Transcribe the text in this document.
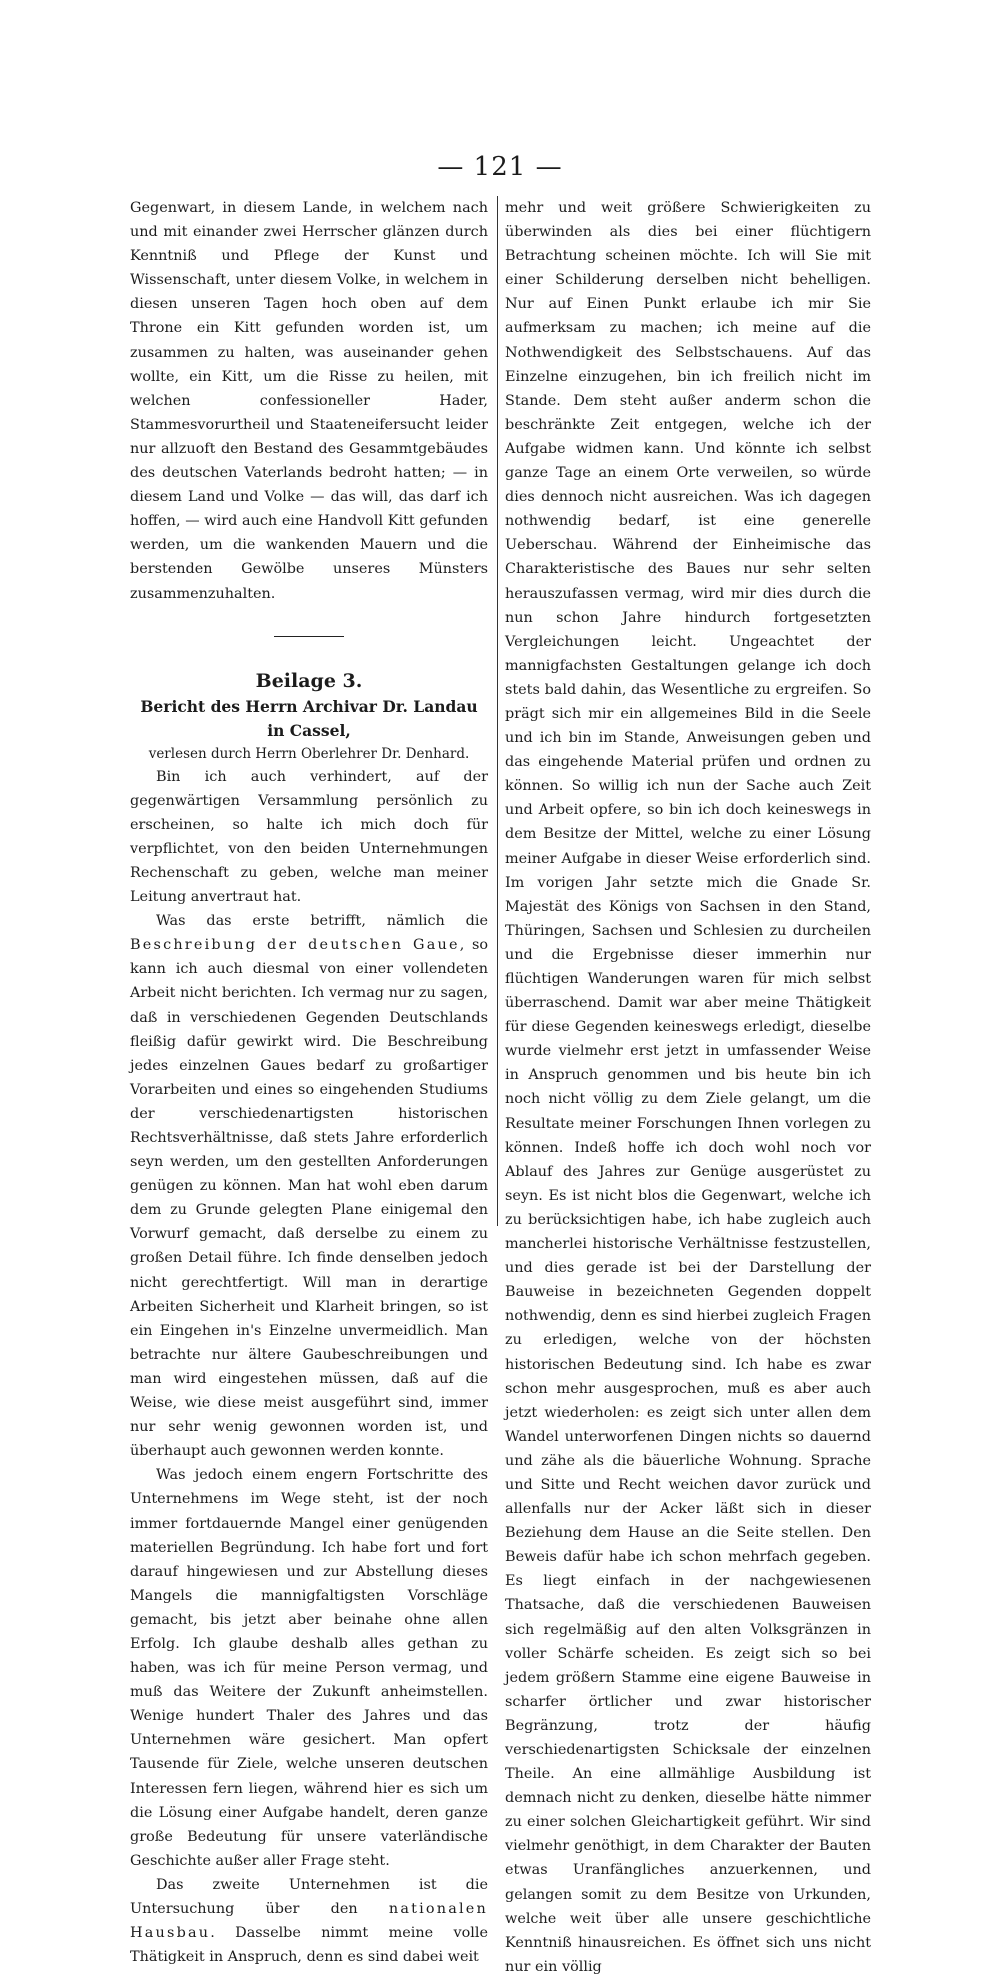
— 121 —

Gegenwart, in diesem Lande, in welchem nach und mit einander zwei Herrscher glänzen durch Kenntniß und Pflege der Kunst und Wissenschaft, unter diesem Volke, in welchem in diesen unseren Tagen hoch oben auf dem Throne ein Kitt gefunden worden ist, um zusammen zu halten, was auseinander gehen wollte, ein Kitt, um die Risse zu heilen, mit welchen confessioneller Hader, Stammesvorurtheil und Staateneifersucht leider nur allzuoft den Bestand des Gesammtgebäudes des deutschen Vaterlands bedroht hatten; — in diesem Land und Volke — das will, das darf ich hoffen, — wird auch eine Handvoll Kitt gefunden werden, um die wankenden Mauern und die berstenden Gewölbe unseres Münsters zusammenzuhalten.

Beilage 3.

Bericht des Herrn Archivar Dr. Landau in Cassel,

verlesen durch Herrn Oberlehrer Dr. Denhard.

Bin ich auch verhindert, auf der gegenwärtigen Versammlung persönlich zu erscheinen, so halte ich mich doch für verpflichtet, von den beiden Unternehmungen Rechenschaft zu geben, welche man meiner Leitung anvertraut hat.

Was das erste betrifft, nämlich die Beschreibung der deutschen Gaue, so kann ich auch diesmal von einer vollendeten Arbeit nicht berichten. Ich vermag nur zu sagen, daß in verschiedenen Gegenden Deutschlands fleißig dafür gewirkt wird. Die Beschreibung jedes einzelnen Gaues bedarf zu großartiger Vorarbeiten und eines so eingehenden Studiums der verschiedenartigsten historischen Rechtsverhältnisse, daß stets Jahre erforderlich seyn werden, um den gestellten Anforderungen genügen zu können. Man hat wohl eben darum dem zu Grunde gelegten Plane einigemal den Vorwurf gemacht, daß derselbe zu einem zu großen Detail führe. Ich finde denselben jedoch nicht gerechtfertigt. Will man in derartige Arbeiten Sicherheit und Klarheit bringen, so ist ein Eingehen in's Einzelne unvermeidlich. Man betrachte nur ältere Gaubeschreibungen und man wird eingestehen müssen, daß auf die Weise, wie diese meist ausgeführt sind, immer nur sehr wenig gewonnen worden ist, und überhaupt auch gewonnen werden konnte.

Was jedoch einem engern Fortschritte des Unternehmens im Wege steht, ist der noch immer fortdauernde Mangel einer genügenden materiellen Begründung. Ich habe fort und fort darauf hingewiesen und zur Abstellung dieses Mangels die mannigfaltigsten Vorschläge gemacht, bis jetzt aber beinahe ohne allen Erfolg. Ich glaube deshalb alles gethan zu haben, was ich für meine Person vermag, und muß das Weitere der Zukunft anheimstellen. Wenige hundert Thaler des Jahres und das Unternehmen wäre gesichert. Man opfert Tausende für Ziele, welche unseren deutschen Interessen fern liegen, während hier es sich um die Lösung einer Aufgabe handelt, deren ganze große Bedeutung für unsere vaterländische Geschichte außer aller Frage steht.

Das zweite Unternehmen ist die Untersuchung über den nationalen Hausbau. Dasselbe nimmt meine volle Thätigkeit in Anspruch, denn es sind dabei weit

mehr und weit größere Schwierigkeiten zu überwinden als dies bei einer flüchtigern Betrachtung scheinen möchte. Ich will Sie mit einer Schilderung derselben nicht behelligen. Nur auf Einen Punkt erlaube ich mir Sie aufmerksam zu machen; ich meine auf die Nothwendigkeit des Selbstschauens. Auf das Einzelne einzugehen, bin ich freilich nicht im Stande. Dem steht außer anderm schon die beschränkte Zeit entgegen, welche ich der Aufgabe widmen kann. Und könnte ich selbst ganze Tage an einem Orte verweilen, so würde dies dennoch nicht ausreichen. Was ich dagegen nothwendig bedarf, ist eine generelle Ueberschau. Während der Einheimische das Charakteristische des Baues nur sehr selten herauszufassen vermag, wird mir dies durch die nun schon Jahre hindurch fortgesetzten Vergleichungen leicht. Ungeachtet der mannigfachsten Gestaltungen gelange ich doch stets bald dahin, das Wesentliche zu ergreifen. So prägt sich mir ein allgemeines Bild in die Seele und ich bin im Stande, Anweisungen geben und das eingehende Material prüfen und ordnen zu können. So willig ich nun der Sache auch Zeit und Arbeit opfere, so bin ich doch keineswegs in dem Besitze der Mittel, welche zu einer Lösung meiner Aufgabe in dieser Weise erforderlich sind. Im vorigen Jahr setzte mich die Gnade Sr. Majestät des Königs von Sachsen in den Stand, Thüringen, Sachsen und Schlesien zu durcheilen und die Ergebnisse dieser immerhin nur flüchtigen Wanderungen waren für mich selbst überraschend. Damit war aber meine Thätigkeit für diese Gegenden keineswegs erledigt, dieselbe wurde vielmehr erst jetzt in umfassender Weise in Anspruch genommen und bis heute bin ich noch nicht völlig zu dem Ziele gelangt, um die Resultate meiner Forschungen Ihnen vorlegen zu können. Indeß hoffe ich doch wohl noch vor Ablauf des Jahres zur Genüge ausgerüstet zu seyn. Es ist nicht blos die Gegenwart, welche ich zu berücksichtigen habe, ich habe zugleich auch mancherlei historische Verhältnisse festzustellen, und dies gerade ist bei der Darstellung der Bauweise in bezeichneten Gegenden doppelt nothwendig, denn es sind hierbei zugleich Fragen zu erledigen, welche von der höchsten historischen Bedeutung sind. Ich habe es zwar schon mehr ausgesprochen, muß es aber auch jetzt wiederholen: es zeigt sich unter allen dem Wandel unterworfenen Dingen nichts so dauernd und zähe als die bäuerliche Wohnung. Sprache und Sitte und Recht weichen davor zurück und allenfalls nur der Acker läßt sich in dieser Beziehung dem Hause an die Seite stellen. Den Beweis dafür habe ich schon mehrfach gegeben. Es liegt einfach in der nachgewiesenen Thatsache, daß die verschiedenen Bauweisen sich regelmäßig auf den alten Volksgränzen in voller Schärfe scheiden. Es zeigt sich so bei jedem größern Stamme eine eigene Bauweise in scharfer örtlicher und zwar historischer Begränzung, trotz der häufig verschiedenartigsten Schicksale der einzelnen Theile. An eine allmählige Ausbildung ist demnach nicht zu denken, dieselbe hätte nimmer zu einer solchen Gleichartigkeit geführt. Wir sind vielmehr genöthigt, in dem Charakter der Bauten etwas Uranfängliches anzuerkennen, und gelangen somit zu dem Besitze von Urkunden, welche weit über alle unsere geschichtliche Kenntniß hinausreichen. Es öffnet sich uns nicht nur ein völlig
